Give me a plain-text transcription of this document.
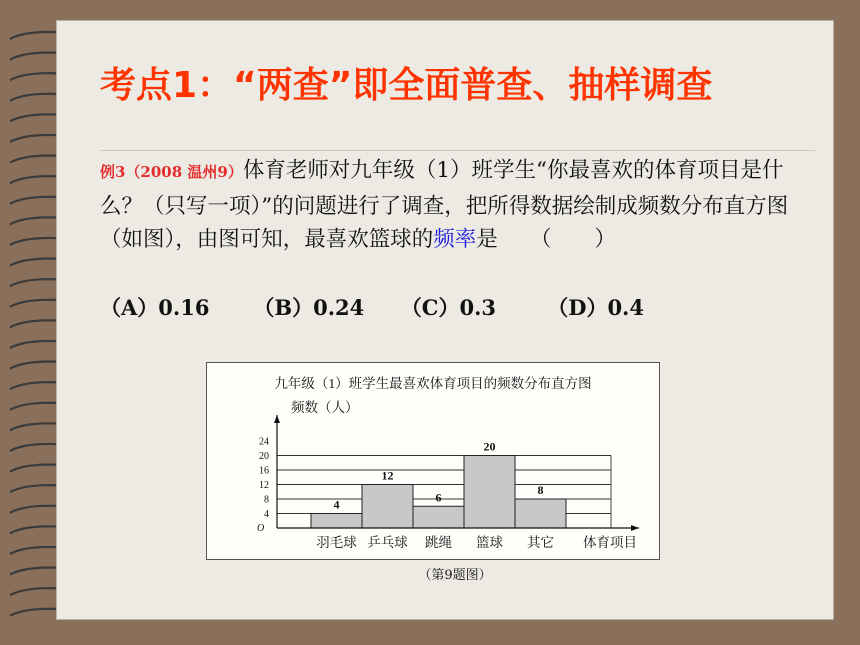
考点1：“两查”即全面普查、抽样调查

例3（2008 温州9）体育老师对九年级（1）班学生“你最喜欢的体育项目是什么？（只写一项）”的问题进行了调查，把所得数据绘制成频数分布直方图（如图），由图可知，最喜欢篮球的频率是　　（　　）

（A）0.16 （B）0.24 （C）0.3 （D）0.4
九年级（1）班学生最喜欢体育项目的频数分布直方图
频数（人）
体育项目
O
4
12
6
20
8
4
8
12
16
20
24
羽毛球 乒乓球 跳绳 篮球 其它
（第9题图）
